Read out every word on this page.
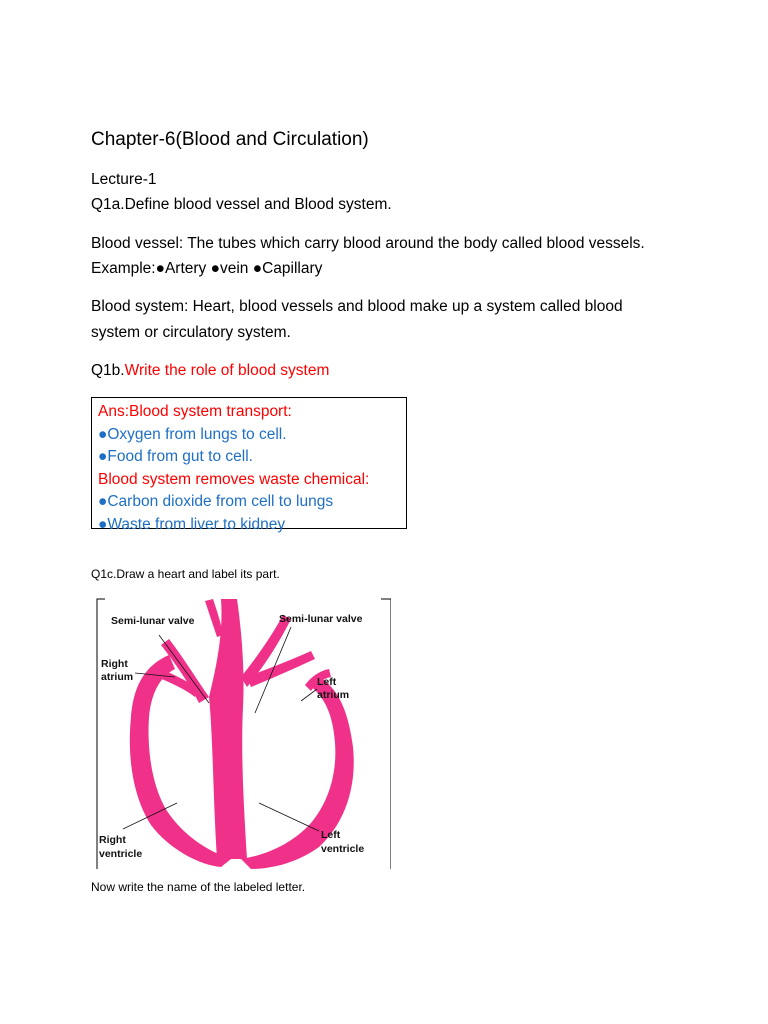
Chapter-6(Blood and Circulation)
Lecture-1
Q1a.Define blood vessel and Blood system.
Blood vessel: The tubes which carry blood around the body called blood vessels.
Example:●Artery ●vein ●Capillary
Blood system: Heart, blood vessels and blood make up a system called blood
system or circulatory system.
Q1b.Write the role of blood system
Ans:Blood system transport:
●Oxygen from lungs to cell.
●Food from gut to cell.
Blood system removes waste chemical:
●Carbon dioxide from cell to lungs
●Waste from liver to kidney
Q1c.Draw a heart and label its part.
Semi-lunar valve	Semi-lunar valve
Right
atrium	Left
atrium
Right
ventricle
Left
ventricle
Now write the name of the labeled letter.
